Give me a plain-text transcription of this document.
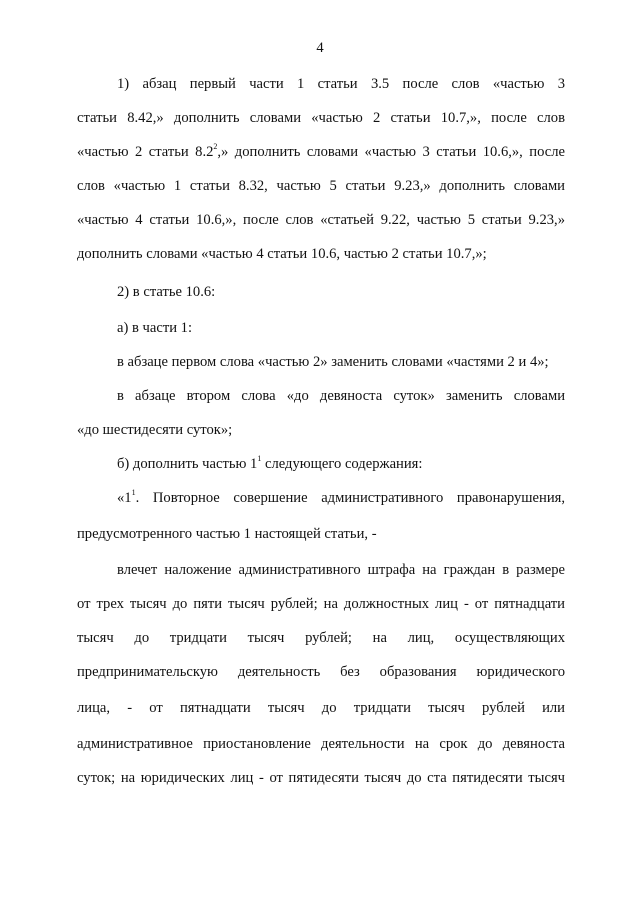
4
1) абзац первый части 1 статьи 3.5 после слов «частью 3
статьи 8.42,» дополнить словами «частью 2 статьи 10.7,», после слов
«частью 2 статьи $8.2^2$,» дополнить словами «частью 3 статьи 10.6,», после
слов «частью 1 статьи 8.32, частью 5 статьи 9.23,» дополнить словами
«частью 4 статьи 10.6,», после слов «статьей 9.22, частью 5 статьи 9.23,»
дополнить словами «частью 4 статьи 10.6, частью 2 статьи 10.7,»;
2) в статье 10.6:
а) в части 1:
в абзаце первом слова «частью 2» заменить словами «частями 2 и 4»;
в абзаце втором слова «до девяноста суток» заменить словами
«до шестидесяти суток»;
б) дополнить частью $1^1$ следующего содержания:
«$1^1$. Повторное совершение административного правонарушения,
предусмотренного частью 1 настоящей статьи, -
влечет наложение административного штрафа на граждан в размере
от трех тысяч до пяти тысяч рублей; на должностных лиц - от пятнадцати
тысяч до тридцати тысяч рублей; на лиц, осуществляющих
предпринимательскую деятельность без образования юридического
лица, - от пятнадцати тысяч до тридцати тысяч рублей или
административное приостановление деятельности на срок до девяноста
суток; на юридических лиц - от пятидесяти тысяч до ста пятидесяти тысяч
